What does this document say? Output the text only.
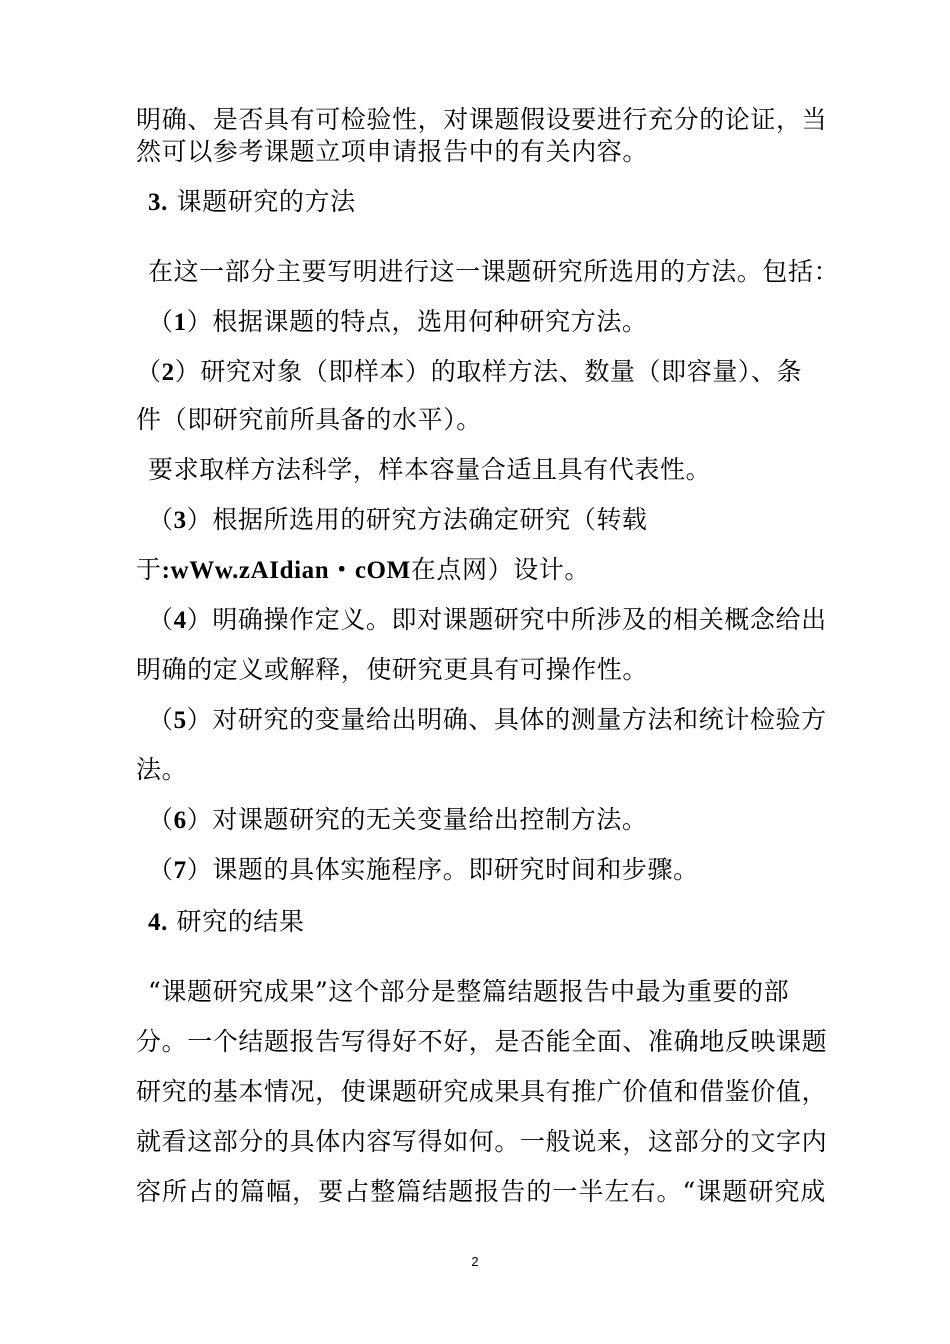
明确、是否具有可检验性，对课题假设要进行充分的论证，当
然可以参考课题立项申请报告中的有关内容。
3. 课题研究的方法
在这一部分主要写明进行这一课题研究所选用的方法。包括：
（1）根据课题的特点，选用何种研究方法。
（2）研究对象（即样本）的取样方法、数量（即容量）、条
件（即研究前所具备的水平）。
要求取样方法科学，样本容量合适且具有代表性。
（3）根据所选用的研究方法确定研究（转载
于:wWw.zAIdian・cOM在点网）设计。
（4）明确操作定义。即对课题研究中所涉及的相关概念给出
明确的定义或解释，使研究更具有可操作性。
（5）对研究的变量给出明确、具体的测量方法和统计检验方
法。
（6）对课题研究的无关变量给出控制方法。
（7）课题的具体实施程序。即研究时间和步骤。
4. 研究的结果
“课题研究成果”这个部分是整篇结题报告中最为重要的部
分。一个结题报告写得好不好，是否能全面、准确地反映课题
研究的基本情况，使课题研究成果具有推广价值和借鉴价值，
就看这部分的具体内容写得如何。一般说来，这部分的文字内
容所占的篇幅，要占整篇结题报告的一半左右。“课题研究成
2
